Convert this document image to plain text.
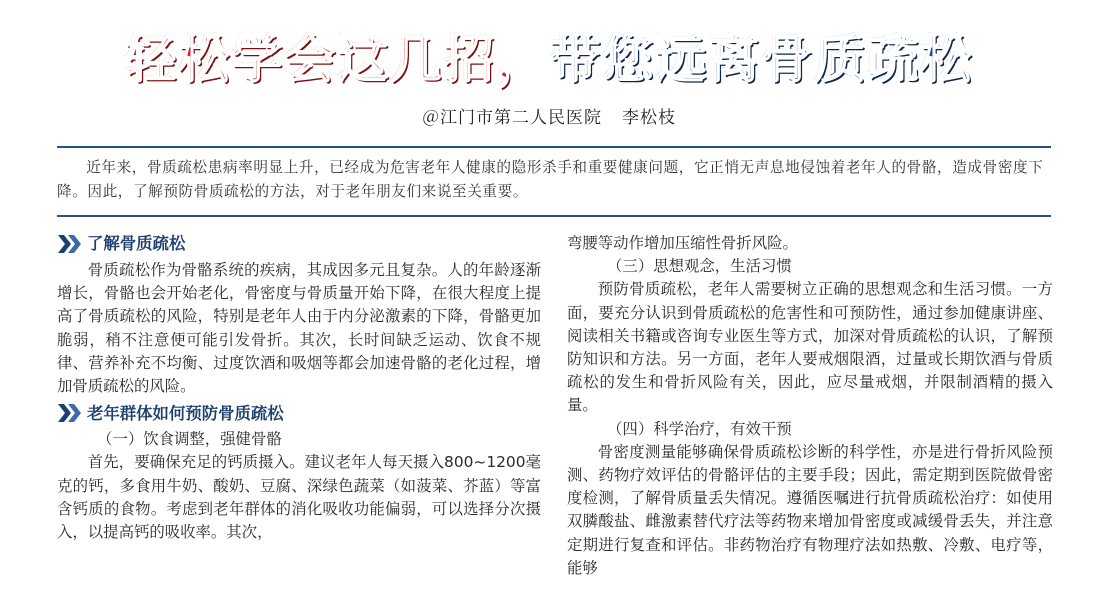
轻松学会这几招，带您远离骨质疏松
＠江门市第二人民医院 李松枝
近年来，骨质疏松患病率明显上升，已经成为危害老年人健康的隐形杀手和重要健康问题，它正悄无声息地侵蚀着老年人的骨骼，造成骨密度下降。因此，了解预防骨质疏松的方法，对于老年朋友们来说至关重要。
了解骨质疏松

骨质疏松作为骨骼系统的疾病，其成因多元且复杂。人的年龄逐渐增长，骨骼也会开始老化，骨密度与骨质量开始下降，在很大程度上提高了骨质疏松的风险，特别是老年人由于内分泌激素的下降，骨骼更加脆弱，稍不注意便可能引发骨折。其次，长时间缺乏运动、饮食不规律、营养补充不均衡、过度饮酒和吸烟等都会加速骨骼的老化过程，增加骨质疏松的风险。

老年群体如何预防骨质疏松

（一）饮食调整，强健骨骼

首先，要确保充足的钙质摄入。建议老年人每天摄入800~1200毫克的钙，多食用牛奶、酸奶、豆腐、深绿色蔬菜（如菠菜、芥蓝）等富含钙质的食物。考虑到老年群体的消化吸收功能偏弱，可以选择分次摄入，以提高钙的吸收率。其次，

弯腰等动作增加压缩性骨折风险。

（三）思想观念，生活习惯

预防骨质疏松，老年人需要树立正确的思想观念和生活习惯。一方面，要充分认识到骨质疏松的危害性和可预防性，通过参加健康讲座、阅读相关书籍或咨询专业医生等方式，加深对骨质疏松的认识，了解预防知识和方法。另一方面，老年人要戒烟限酒，过量或长期饮酒与骨质疏松的发生和骨折风险有关，因此，应尽量戒烟，并限制酒精的摄入量。

（四）科学治疗，有效干预

骨密度测量能够确保骨质疏松诊断的科学性，亦是进行骨折风险预测、药物疗效评估的骨骼评估的主要手段；因此，需定期到医院做骨密度检测，了解骨质量丢失情况。遵循医嘱进行抗骨质疏松治疗：如使用双膦酸盐、雌激素替代疗法等药物来增加骨密度或减缓骨丢失，并注意定期进行复查和评估。非药物治疗有物理疗法如热敷、冷敷、电疗等，能够
